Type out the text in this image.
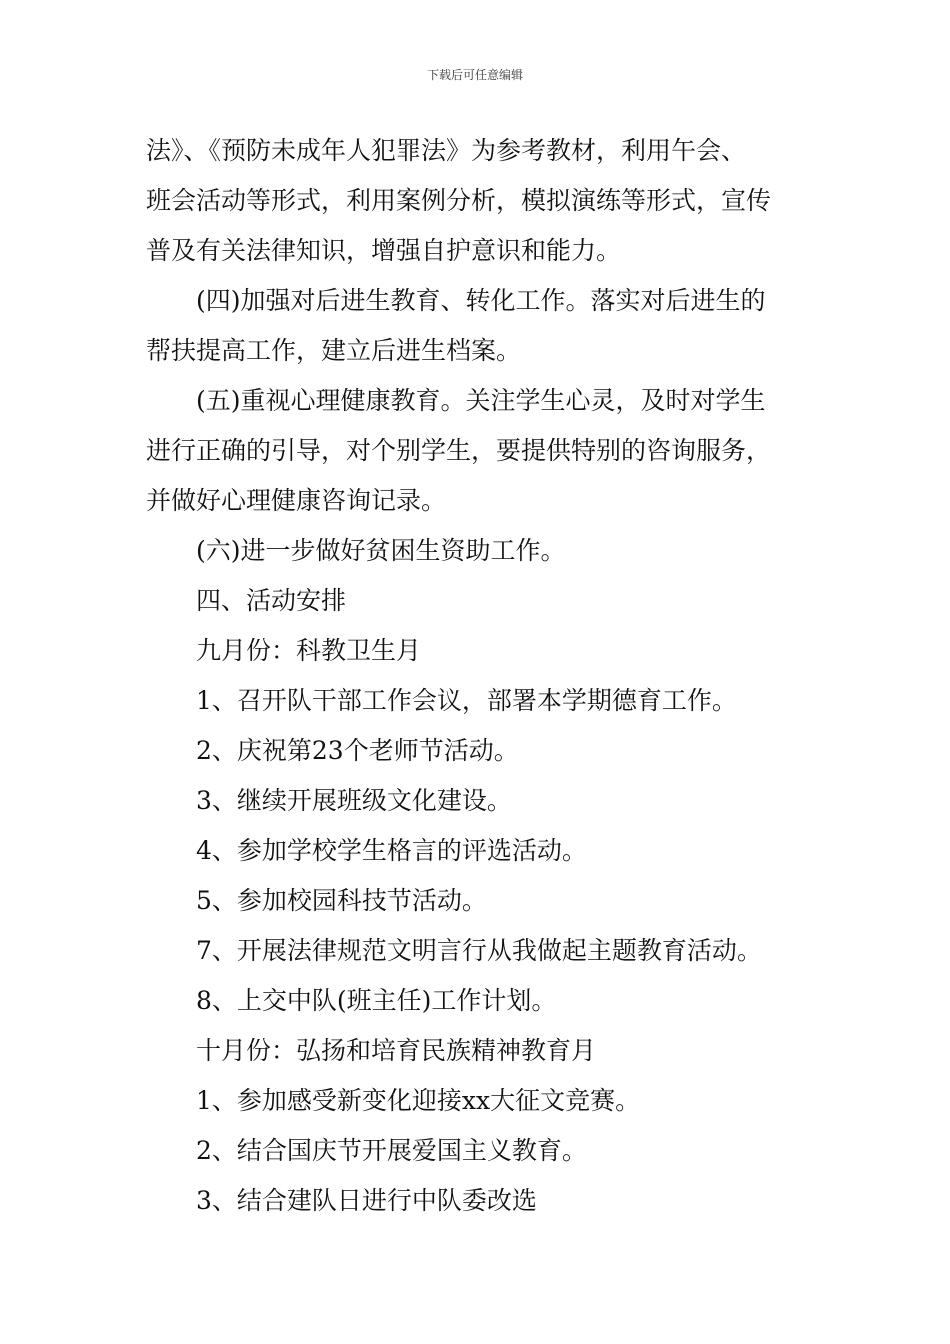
下载后可任意编辑

法》、《预防未成年人犯罪法》为参考教材，利用午会、

班会活动等形式，利用案例分析，模拟演练等形式，宣传

普及有关法律知识，增强自护意识和能力。

(四)加强对后进生教育、转化工作。落实对后进生的

帮扶提高工作，建立后进生档案。

(五)重视心理健康教育。关注学生心灵，及时对学生

进行正确的引导，对个别学生，要提供特别的咨询服务，

并做好心理健康咨询记录。

(六)进一步做好贫困生资助工作。

四、活动安排

九月份：科教卫生月

1、召开队干部工作会议，部署本学期德育工作。

2、庆祝第23个老师节活动。

3、继续开展班级文化建设。

4、参加学校学生格言的评选活动。

5、参加校园科技节活动。

7、开展法律规范文明言行从我做起主题教育活动。

8、上交中队(班主任)工作计划。

十月份：弘扬和培育民族精神教育月

1、参加感受新变化迎接xx大征文竞赛。

2、结合国庆节开展爱国主义教育。

3、结合建队日进行中队委改选
